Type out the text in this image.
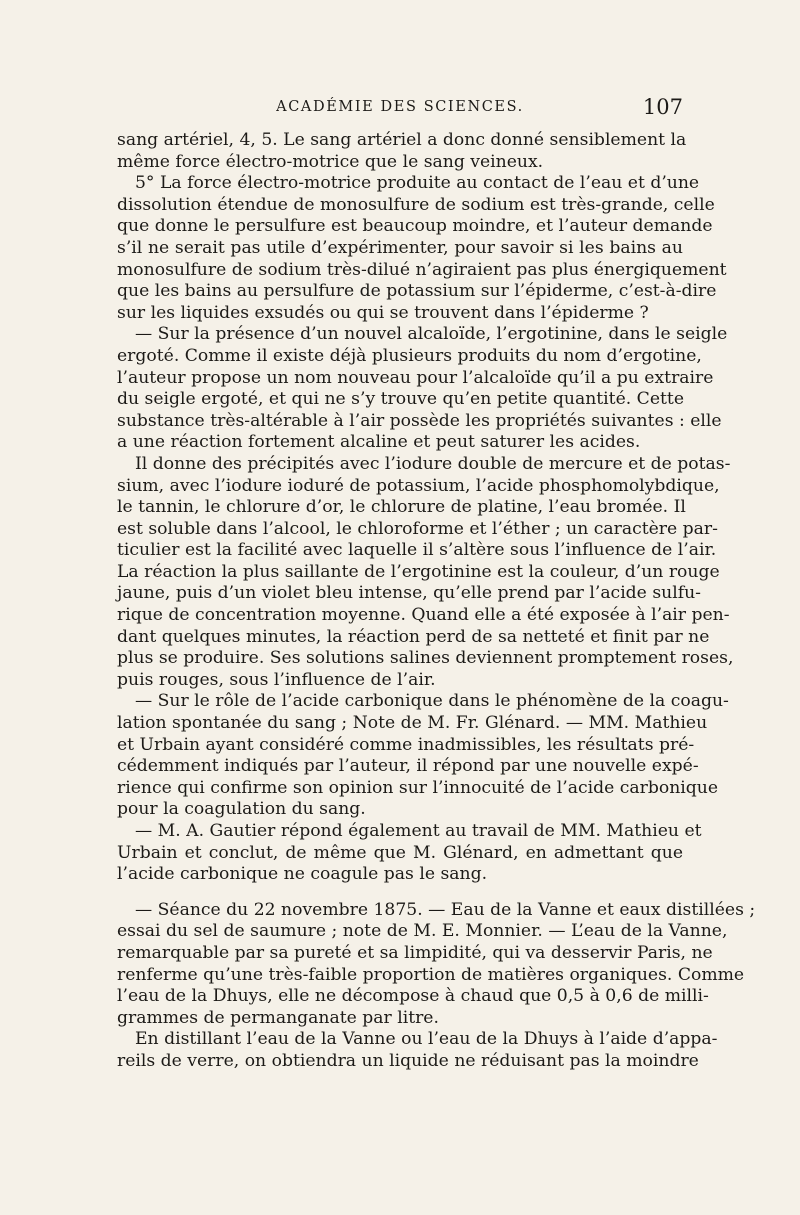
ACADÉMIE DES SCIENCES.	107
sang artériel, 4, 5. Le sang artériel a donc donné sensiblement la
même force électro-motrice que le sang veineux.
5° La force électro-motrice produite au contact de l’eau et d’une
dissolution étendue de monosulfure de sodium est très-grande, celle
que donne le persulfure est beaucoup moindre, et l’auteur demande
s’il ne serait pas utile d’expérimenter, pour savoir si les bains au
monosulfure de sodium très-dilué n’agiraient pas plus énergiquement
que les bains au persulfure de potassium sur l’épiderme, c’est-à-dire
sur les liquides exsudés ou qui se trouvent dans l’épiderme ?
— Sur la présence d’un nouvel alcaloïde, l’ergotinine, dans le seigle
ergoté. Comme il existe déjà plusieurs produits du nom d’ergotine,
l’auteur propose un nom nouveau pour l’alcaloïde qu’il a pu extraire
du seigle ergoté, et qui ne s’y trouve qu’en petite quantité. Cette
substance très-altérable à l’air possède les propriétés suivantes : elle
a une réaction fortement alcaline et peut saturer les acides.
Il donne des précipités avec l’iodure double de mercure et de potas-
sium, avec l’iodure ioduré de potassium, l’acide phosphomolybdique,
le tannin, le chlorure d’or, le chlorure de platine, l’eau bromée. Il
est soluble dans l’alcool, le chloroforme et l’éther ; un caractère par-
ticulier est la facilité avec laquelle il s’altère sous l’influence de l’air.
La réaction la plus saillante de l’ergotinine est la couleur, d’un rouge
jaune, puis d’un violet bleu intense, qu’elle prend par l’acide sulfu-
rique de concentration moyenne. Quand elle a été exposée à l’air pen-
dant quelques minutes, la réaction perd de sa netteté et finit par ne
plus se produire. Ses solutions salines deviennent promptement roses,
puis rouges, sous l’influence de l’air.
— Sur le rôle de l’acide carbonique dans le phénomène de la coagu-
lation spontanée du sang ; Note de M. Fr. Glénard. — MM. Mathieu
et Urbain ayant considéré comme inadmissibles, les résultats pré-
cédemment indiqués par l’auteur, il répond par une nouvelle expé-
rience qui confirme son opinion sur l’innocuité de l’acide carbonique
pour la coagulation du sang.
— M. A. Gautier répond également au travail de MM. Mathieu et
Urbain et conclut, de même que M. Glénard, en admettant que
l’acide carbonique ne coagule pas le sang.
— Séance du 22 novembre 1875. — Eau de la Vanne et eaux distillées ;
essai du sel de saumure ; note de M. E. Monnier. — L’eau de la Vanne,
remarquable par sa pureté et sa limpidité, qui va desservir Paris, ne
renferme qu’une très-faible proportion de matières organiques. Comme
l’eau de la Dhuys, elle ne décompose à chaud que 0,5 à 0,6 de milli-
grammes de permanganate par litre.
En distillant l’eau de la Vanne ou l’eau de la Dhuys à l’aide d’appa-
reils de verre, on obtiendra un liquide ne réduisant pas la moindre
